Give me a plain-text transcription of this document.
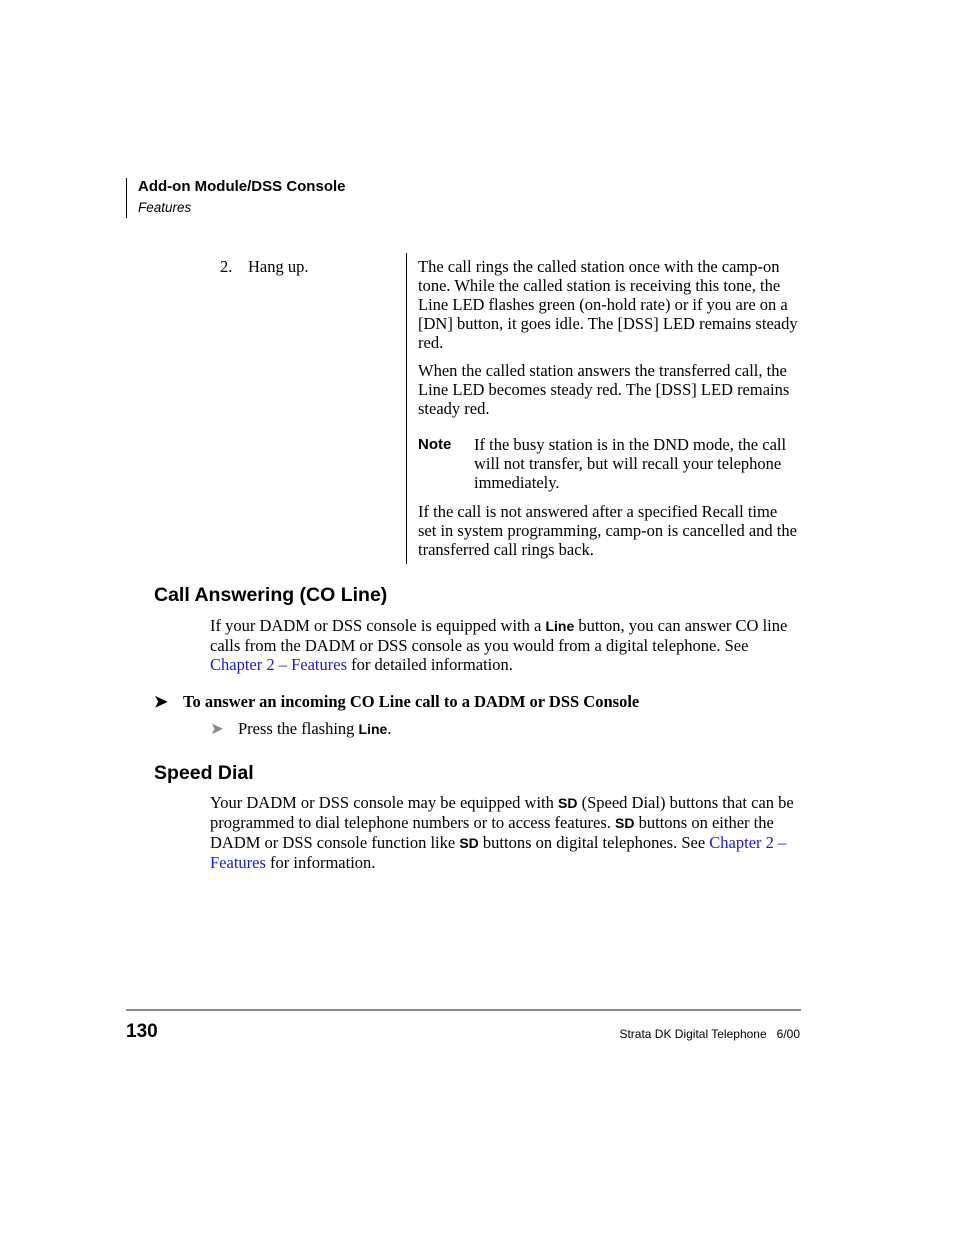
Add-on Module/DSS Console
Features
2. Hang up.	The call rings the called station once with the camp-on tone. While the called station is receiving this tone, the Line LED flashes green (on-hold rate) or if you are on a [DN] button, it goes idle. The [DSS] LED remains steady red.

When the called station answers the transferred call, the Line LED becomes steady red. The [DSS] LED remains steady red.

Note If the busy station is in the DND mode, the call will not transfer, but will recall your telephone immediately.

If the call is not answered after a specified Recall time set in system programming, camp-on is cancelled and the transferred call rings back.

Call Answering (CO Line)

If your DADM or DSS console is equipped with a Line button, you can answer CO line calls from the DADM or DSS console as you would from a digital telephone. See Chapter 2 – Features for detailed information.

➤ To answer an incoming CO Line call to a DADM or DSS Console
➤ Press the flashing Line.
Speed Dial

Your DADM or DSS console may be equipped with SD (Speed Dial) buttons that can be programmed to dial telephone numbers or to access features. SD buttons on either the DADM or DSS console function like SD buttons on digital telephones. See Chapter 2 – Features for information.

130	Strata DK Digital Telephone   6/00
